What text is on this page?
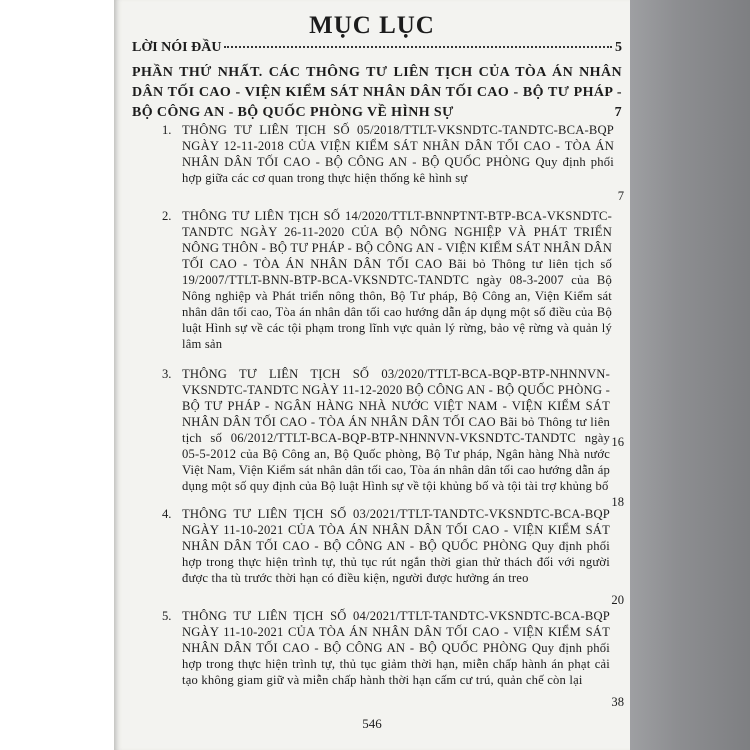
MỤC LỤC
LỜI NÓI ĐẦU	5
PHẦN THỨ NHẤT. CÁC THÔNG TƯ LIÊN TỊCH CỦA TÒA ÁN NHÂN DÂN TỐI CAO - VIỆN KIỂM SÁT NHÂN DÂN TỐI CAO - BỘ TƯ PHÁP - BỘ CÔNG AN - BỘ QUỐC PHÒNG VỀ HÌNH SỰ	7
1. THÔNG TƯ LIÊN TỊCH SỐ 05/2018/TTLT-VKSNDTC-TANDTC-BCA-BQP NGÀY 12-11-2018 CỦA VIỆN KIỂM SÁT NHÂN DÂN TỐI CAO - TÒA ÁN NHÂN DÂN TỐI CAO - BỘ CÔNG AN - BỘ QUỐC PHÒNG Quy định phối hợp giữa các cơ quan trong thực hiện thống kê hình sự
7
2. THÔNG TƯ LIÊN TỊCH SỐ 14/2020/TTLT-BNNPTNT-BTP-BCA-VKSNDTC-TANDTC NGÀY 26-11-2020 CỦA BỘ NÔNG NGHIỆP VÀ PHÁT TRIỂN NÔNG THÔN - BỘ TƯ PHÁP - BỘ CÔNG AN - VIỆN KIỂM SÁT NHÂN DÂN TỐI CAO - TÒA ÁN NHÂN DÂN TỐI CAO Bãi bỏ Thông tư liên tịch số 19/2007/TTLT-BNN-BTP-BCA-VKSNDTC-TANDTC ngày 08-3-2007 của Bộ Nông nghiệp và Phát triển nông thôn, Bộ Tư pháp, Bộ Công an, Viện Kiểm sát nhân dân tối cao, Tòa án nhân dân tối cao hướng dẫn áp dụng một số điều của Bộ luật Hình sự về các tội phạm trong lĩnh vực quản lý rừng, bảo vệ rừng và quản lý lâm sản
16
3. THÔNG TƯ LIÊN TỊCH SỐ 03/2020/TTLT-BCA-BQP-BTP-NHNNVN-VKSNDTC-TANDTC NGÀY 11-12-2020 BỘ CÔNG AN - BỘ QUỐC PHÒNG - BỘ TƯ PHÁP - NGÂN HÀNG NHÀ NƯỚC VIỆT NAM - VIỆN KIỂM SÁT NHÂN DÂN TỐI CAO - TÒA ÁN NHÂN DÂN TỐI CAO Bãi bỏ Thông tư liên tịch số 06/2012/TTLT-BCA-BQP-BTP-NHNNVN-VKSNDTC-TANDTC ngày 05-5-2012 của Bộ Công an, Bộ Quốc phòng, Bộ Tư pháp, Ngân hàng Nhà nước Việt Nam, Viện Kiểm sát nhân dân tối cao, Tòa án nhân dân tối cao hướng dẫn áp dụng một số quy định của Bộ luật Hình sự về tội khủng bố và tội tài trợ khủng bố
18
4. THÔNG TƯ LIÊN TỊCH SỐ 03/2021/TTLT-TANDTC-VKSNDTC-BCA-BQP NGÀY 11-10-2021 CỦA TÒA ÁN NHÂN DÂN TỐI CAO - VIỆN KIỂM SÁT NHÂN DÂN TỐI CAO - BỘ CÔNG AN - BỘ QUỐC PHÒNG Quy định phối hợp trong thực hiện trình tự, thủ tục rút ngắn thời gian thử thách đối với người được tha tù trước thời hạn có điều kiện, người được hưởng án treo
20
5. THÔNG TƯ LIÊN TỊCH SỐ 04/2021/TTLT-TANDTC-VKSNDTC-BCA-BQP NGÀY 11-10-2021 CỦA TÒA ÁN NHÂN DÂN TỐI CAO - VIỆN KIỂM SÁT NHÂN DÂN TỐI CAO - BỘ CÔNG AN - BỘ QUỐC PHÒNG Quy định phối hợp trong thực hiện trình tự, thủ tục giảm thời hạn, miễn chấp hành án phạt cải tạo không giam giữ và miễn chấp hành thời hạn cấm cư trú, quản chế còn lại
38
546
